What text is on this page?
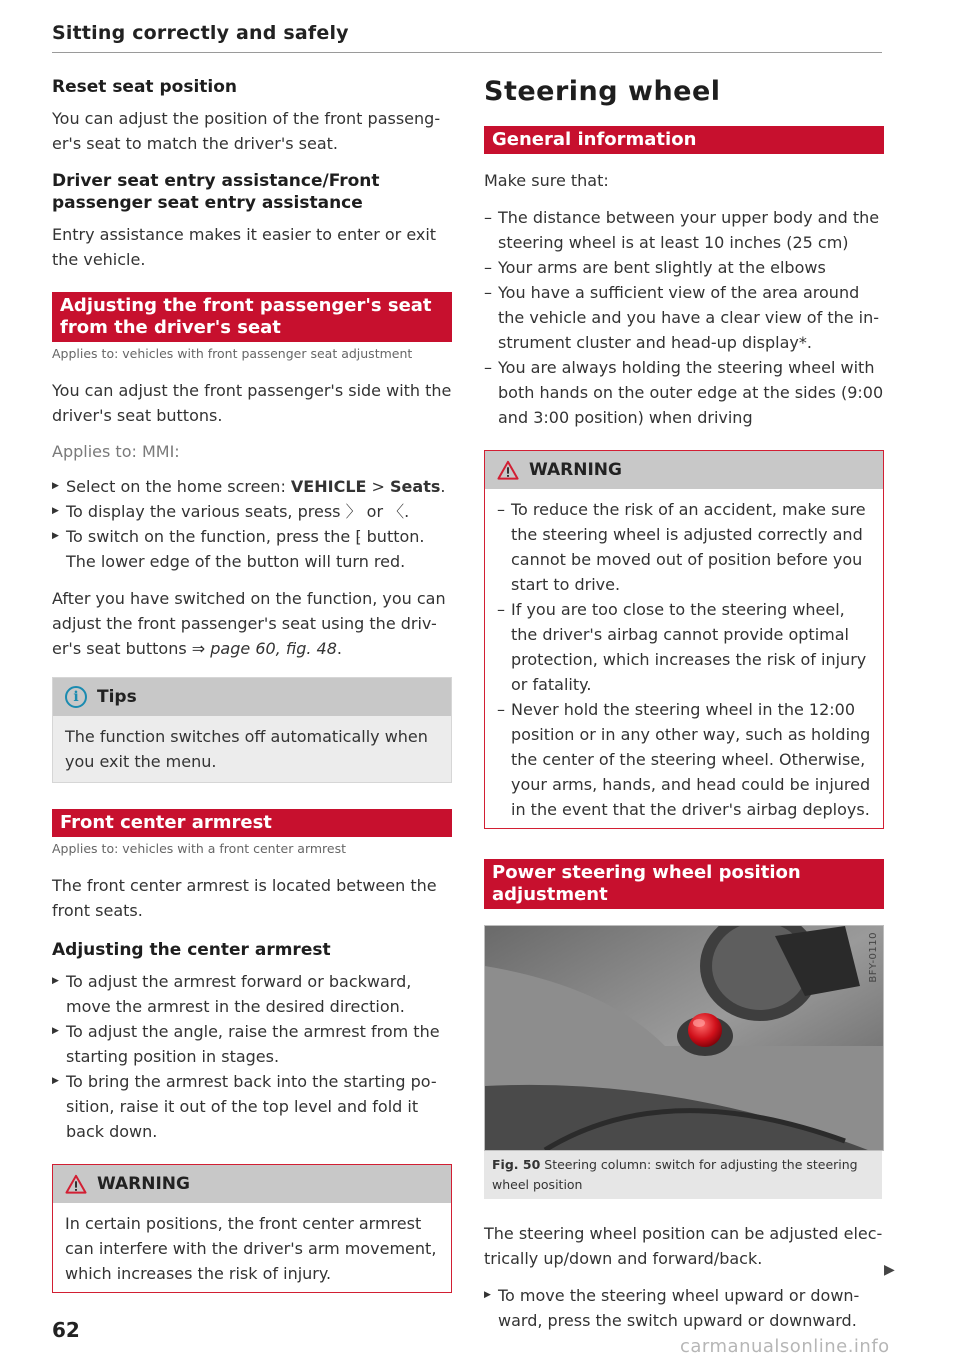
Sitting correctly and safely
Reset seat position
You can adjust the position of the front passeng-er's seat to match the driver's seat.
Driver seat entry assistance/Front passenger seat entry assistance
Entry assistance makes it easier to enter or exit the vehicle.
Adjusting the front passenger's seat from the driver's seat
Applies to: vehicles with front passenger seat adjustment
You can adjust the front passenger's side with the driver's seat buttons.
Applies to: MMI:
▶ Select on the home screen: VEHICLE > Seats.
▶ To display the various seats, press 〉 or 〈.
▶ To switch on the function, press the ⁅ button. The lower edge of the button will turn red.
After you have switched on the function, you can adjust the front passenger's seat using the driv-er's seat buttons ⇒ page 60, fig. 48.
i	Tips
The function switches off automatically when you exit the menu.
Front center armrest
Applies to: vehicles with a front center armrest
The front center armrest is located between the front seats.
Adjusting the center armrest
▶ To adjust the armrest forward or backward, move the armrest in the desired direction.
▶ To adjust the angle, raise the armrest from the starting position in stages.
▶ To bring the armrest back into the starting po-sition, raise it out of the top level and fold it back down.
WARNING
In certain positions, the front center armrest can interfere with the driver's arm movement, which increases the risk of injury.
Steering wheel
General information
Make sure that:
– The distance between your upper body and the steering wheel is at least 10 inches (25 cm)
– Your arms are bent slightly at the elbows
– You have a sufficient view of the area around the vehicle and you have a clear view of the in-strument cluster and head-up display*.
– You are always holding the steering wheel with both hands on the outer edge at the sides (9:00 and 3:00 position) when driving
WARNING
– To reduce the risk of an accident, make sure the steering wheel is adjusted correctly and cannot be moved out of position before you start to drive.
– If you are too close to the steering wheel, the driver's airbag cannot provide optimal protection, which increases the risk of injury or fatality.
– Never hold the steering wheel in the 12:00 position or in any other way, such as holding the center of the steering wheel. Otherwise, your arms, hands, and head could be injured in the event that the driver's airbag deploys.
Power steering wheel position adjustment
BFY-0110
Fig. 50 Steering column: switch for adjusting the steering wheel position
The steering wheel position can be adjusted elec-trically up/down and forward/back.
▶ To move the steering wheel upward or down-ward, press the switch upward or downward.
▶
62
carmanualsonline.info
